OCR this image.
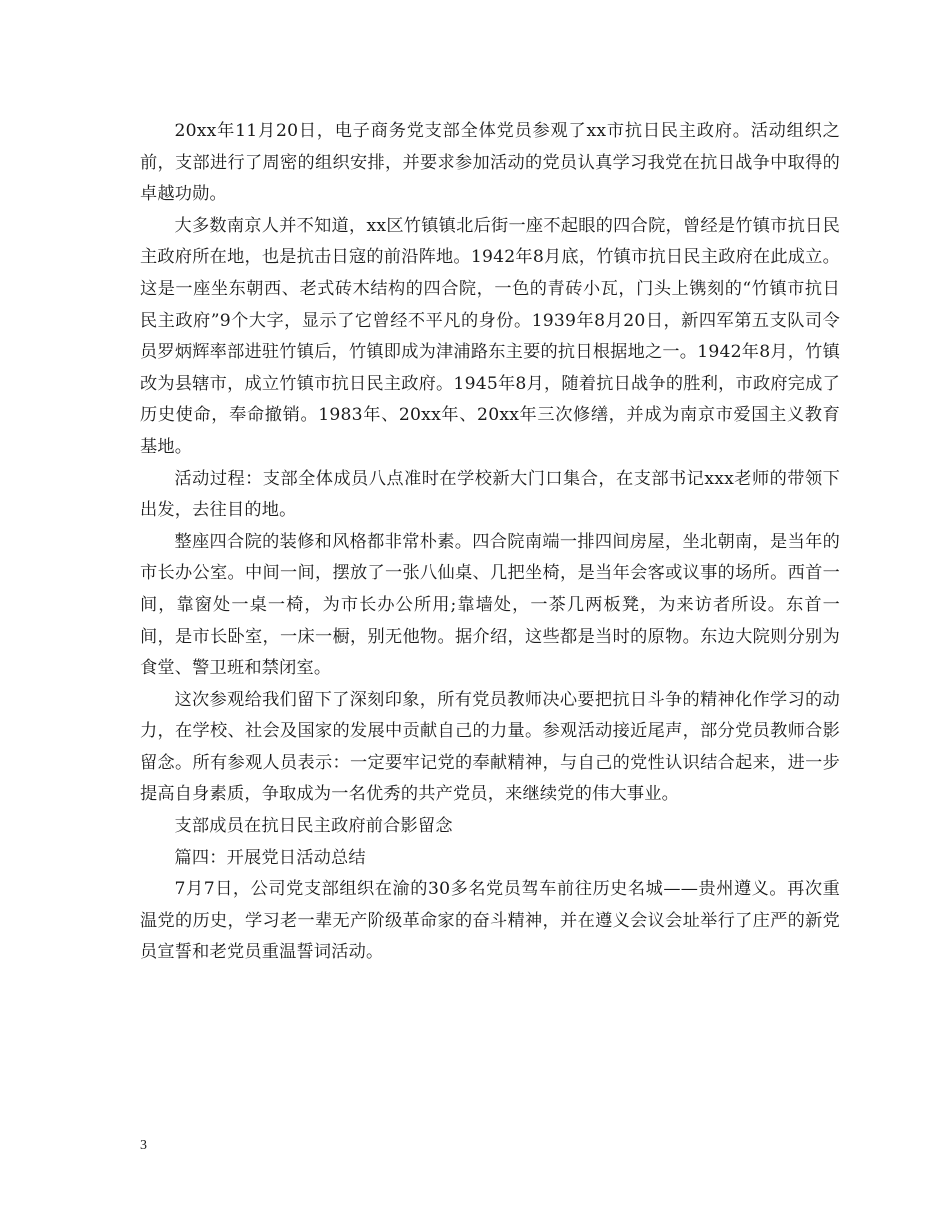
20xx年11月20日，电子商务党支部全体党员参观了xx市抗日民主政府。活动组织之前，支部进行了周密的组织安排，并要求参加活动的党员认真学习我党在抗日战争中取得的卓越功勋。

大多数南京人并不知道，xx区竹镇镇北后街一座不起眼的四合院，曾经是竹镇市抗日民主政府所在地，也是抗击日寇的前沿阵地。1942年8月底，竹镇市抗日民主政府在此成立。这是一座坐东朝西、老式砖木结构的四合院，一色的青砖小瓦，门头上镌刻的“竹镇市抗日民主政府”9个大字，显示了它曾经不平凡的身份。1939年8月20日，新四军第五支队司令员罗炳辉率部进驻竹镇后，竹镇即成为津浦路东主要的抗日根据地之一。1942年8月，竹镇改为县辖市，成立竹镇市抗日民主政府。1945年8月，随着抗日战争的胜利，市政府完成了历史使命，奉命撤销。1983年、20xx年、20xx年三次修缮，并成为南京市爱国主义教育基地。

活动过程：支部全体成员八点准时在学校新大门口集合，在支部书记xxx老师的带领下出发，去往目的地。

整座四合院的装修和风格都非常朴素。四合院南端一排四间房屋，坐北朝南，是当年的市长办公室。中间一间，摆放了一张八仙桌、几把坐椅，是当年会客或议事的场所。西首一间，靠窗处一桌一椅，为市长办公所用;靠墙处，一茶几两板凳，为来访者所设。东首一间，是市长卧室，一床一橱，别无他物。据介绍，这些都是当时的原物。东边大院则分别为食堂、警卫班和禁闭室。

这次参观给我们留下了深刻印象，所有党员教师决心要把抗日斗争的精神化作学习的动力，在学校、社会及国家的发展中贡献自己的力量。参观活动接近尾声，部分党员教师合影留念。所有参观人员表示：一定要牢记党的奉献精神，与自己的党性认识结合起来，进一步提高自身素质，争取成为一名优秀的共产党员，来继续党的伟大事业。

支部成员在抗日民主政府前合影留念

篇四：开展党日活动总结

7月7日，公司党支部组织在渝的30多名党员驾车前往历史名城——贵州遵义。再次重温党的历史，学习老一辈无产阶级革命家的奋斗精神，并在遵义会议会址举行了庄严的新党员宣誓和老党员重温誓词活动。

3
